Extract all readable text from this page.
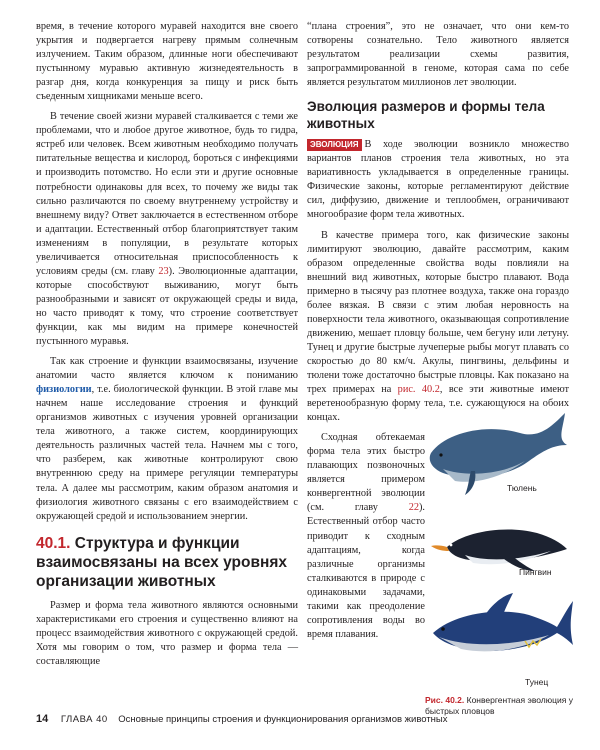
время, в течение которого муравей находится вне своего укрытия и подвергается нагреву прямым солнечным излучением. Таким образом, длинные ноги обеспечивают пустынному муравью активную жизнедеятельность в разгар дня, когда конкуренция за пищу и риск быть съеденным хищниками меньше всего.

В течение своей жизни муравей сталкивается с теми же проблемами, что и любое другое животное, будь то гидра, ястреб или человек. Всем животным необходимо получать питательные вещества и кислород, бороться с инфекциями и производить потомство. Но если эти и другие основные потребности одинаковы для всех, то почему же виды так сильно различаются по своему внутреннему устройству и внешнему виду? Ответ заключается в естественном отборе и адаптации. Естественный отбор благоприятствует таким изменениям в популяции, в результате которых увеличивается относительная приспособленность к условиям среды (см. главу 23). Эволюционные адаптации, которые способствуют выживанию, могут быть разнообразными и зависят от окружающей среды и вида, но часто приводят к тому, что строение соответствует функции, как мы видим на примере конечностей пустынного муравья.

Так как строение и функции взаимосвязаны, изучение анатомии часто является ключом к пониманию физиологии, т.е. биологической функции. В этой главе мы начнем наше исследование строения и функций организмов животных с изучения уровней организации тела животного, а также систем, координирующих деятельность различных частей тела. Начнем мы с того, что разберем, как животные контролируют свою внутреннюю среду на примере регуляции температуры тела. А далее мы рассмотрим, каким образом анатомия и физиология животного связаны с его взаимодействием с окружающей средой и использованием энергии.

40.1. Структура и функции взаимосвязаны на всех уровнях организации животных

Размер и форма тела животного являются основными характеристиками его строения и существенно влияют на процесс взаимодействия животного с окружающей средой. Хотя мы говорим о том, что размер и форма тела — составляющие

“плана строения”, это не означает, что они кем-то сотворены сознательно. Тело животного является результатом реализации схемы развития, запрограммированной в геноме, которая сама по себе является результатом миллионов лет эволюции.

Эволюция размеров и формы тела животных

ЭВОЛЮЦИЯ В ходе эволюции возникло множество вариантов планов строения тела животных, но эта вариативность укладывается в определенные границы. Физические законы, которые регламентируют действие сил, диффузию, движение и теплообмен, ограничивают многообразие форм тела животных.

В качестве примера того, как физические законы лимитируют эволюцию, давайте рассмотрим, каким образом определенные свойства воды повлияли на внешний вид животных, которые быстро плавают. Вода примерно в тысячу раз плотнее воздуха, также она гораздо более вязкая. В связи с этим любая неровность на поверхности тела животного, оказывающая сопротивление движению, мешает пловцу больше, чем бегуну или летуну. Тунец и другие быстрые лучеперые рыбы могут плавать со скоростью до 80 км/ч. Акулы, пингвины, дельфины и тюлени тоже достаточно быстрые пловцы. Как показано на трех примерах на рис. 40.2, все эти животные имеют веретенообразную форму тела, т.е. сужающуюся на обоих концах.

Сходная обтекаемая форма тела этих быстро плавающих позвоночных является примером конвергентной эволюции (см. главу 22). Естественный отбор часто приводит к сходным адаптациям, когда различные организмы сталкиваются в природе с одинаковыми задачами, такими как преодоление сопротивления воды во время плавания.

Тюлень
Пингвин
Тунец
Рис. 40.2. Конвергентная эволюция у быстрых пловцов
14 ГЛАВА 40 Основные принципы строения и функционирования организмов животных
